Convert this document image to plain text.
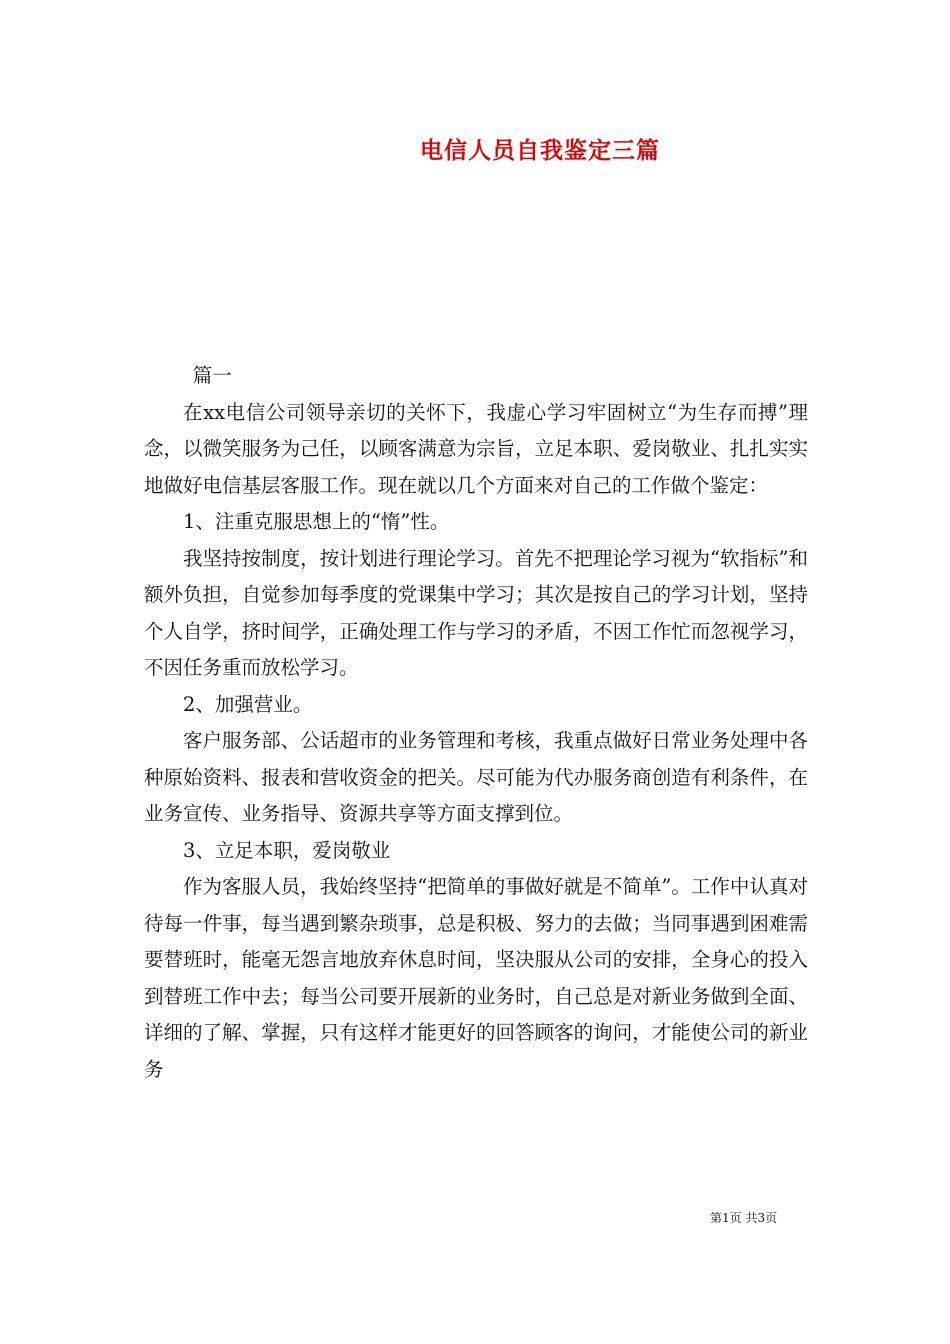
电信人员自我鉴定三篇

篇一

在xx电信公司领导亲切的关怀下，我虚心学习牢固树立“为生存而搏”理念，以微笑服务为己任，以顾客满意为宗旨，立足本职、爱岗敬业、扎扎实实地做好电信基层客服工作。现在就以几个方面来对自己的工作做个鉴定：

1、注重克服思想上的“惰”性。

我坚持按制度，按计划进行理论学习。首先不把理论学习视为“软指标”和额外负担，自觉参加每季度的党课集中学习；其次是按自己的学习计划，坚持个人自学，挤时间学，正确处理工作与学习的矛盾，不因工作忙而忽视学习，不因任务重而放松学习。

2、加强营业。

客户服务部、公话超市的业务管理和考核，我重点做好日常业务处理中各种原始资料、报表和营收资金的把关。尽可能为代办服务商创造有利条件，在业务宣传、业务指导、资源共享等方面支撑到位。

3、立足本职，爱岗敬业

作为客服人员，我始终坚持“把简单的事做好就是不简单”。工作中认真对待每一件事，每当遇到繁杂琐事，总是积极、努力的去做；当同事遇到困难需要替班时，能毫无怨言地放弃休息时间，坚决服从公司的安排，全身心的投入到替班工作中去；每当公司要开展新的业务时，自己总是对新业务做到全面、详细的了解、掌握，只有这样才能更好的回答顾客的询问，才能使公司的新业务

第1页 共3页
